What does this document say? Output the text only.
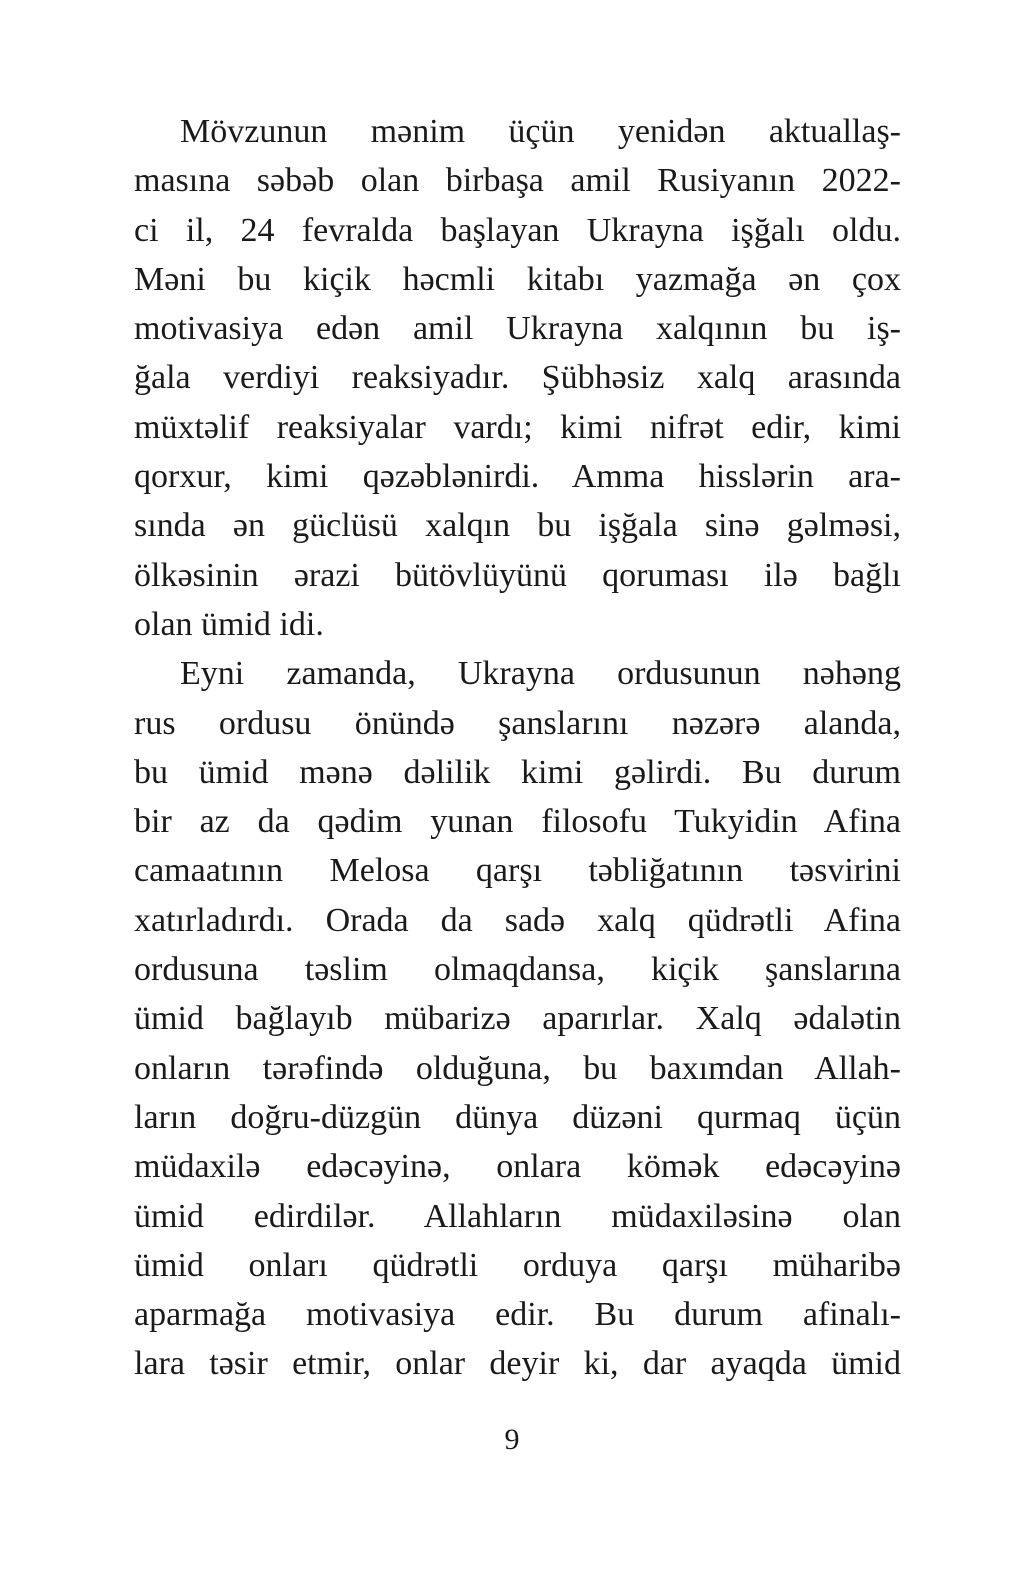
Mövzunun mənim üçün yenidən aktuallaş-
masına səbəb olan birbaşa amil Rusiyanın 2022-
ci il, 24 fevralda başlayan Ukrayna işğalı oldu.
Məni bu kiçik həcmli kitabı yazmağa ən çox
motivasiya edən amil Ukrayna xalqının bu iş-
ğala verdiyi reaksiyadır. Şübhəsiz xalq arasında
müxtəlif reaksiyalar vardı; kimi nifrət edir, kimi
qorxur, kimi qəzəblənirdi. Amma hisslərin ara-
sında ən güclüsü xalqın bu işğala sinə gəlməsi,
ölkəsinin ərazi bütövlüyünü qoruması ilə bağlı
olan ümid idi.
Eyni zamanda, Ukrayna ordusunun nəhəng
rus ordusu önündə şanslarını nəzərə alanda,
bu ümid mənə dəlilik kimi gəlirdi. Bu durum
bir az da qədim yunan filosofu Tukyidin Afina
camaatının Melosa qarşı təbliğatının təsvirini
xatırladırdı. Orada da sadə xalq qüdrətli Afina
ordusuna təslim olmaqdansa, kiçik şanslarına
ümid bağlayıb mübarizə aparırlar. Xalq ədalətin
onların tərəfində olduğuna, bu baxımdan Allah-
ların doğru-düzgün dünya düzəni qurmaq üçün
müdaxilə edəcəyinə, onlara kömək edəcəyinə
ümid edirdilər. Allahların müdaxiləsinə olan
ümid onları qüdrətli orduya qarşı müharibə
aparmağa motivasiya edir. Bu durum afinalı-
lara təsir etmir, onlar deyir ki, dar ayaqda ümid
9
